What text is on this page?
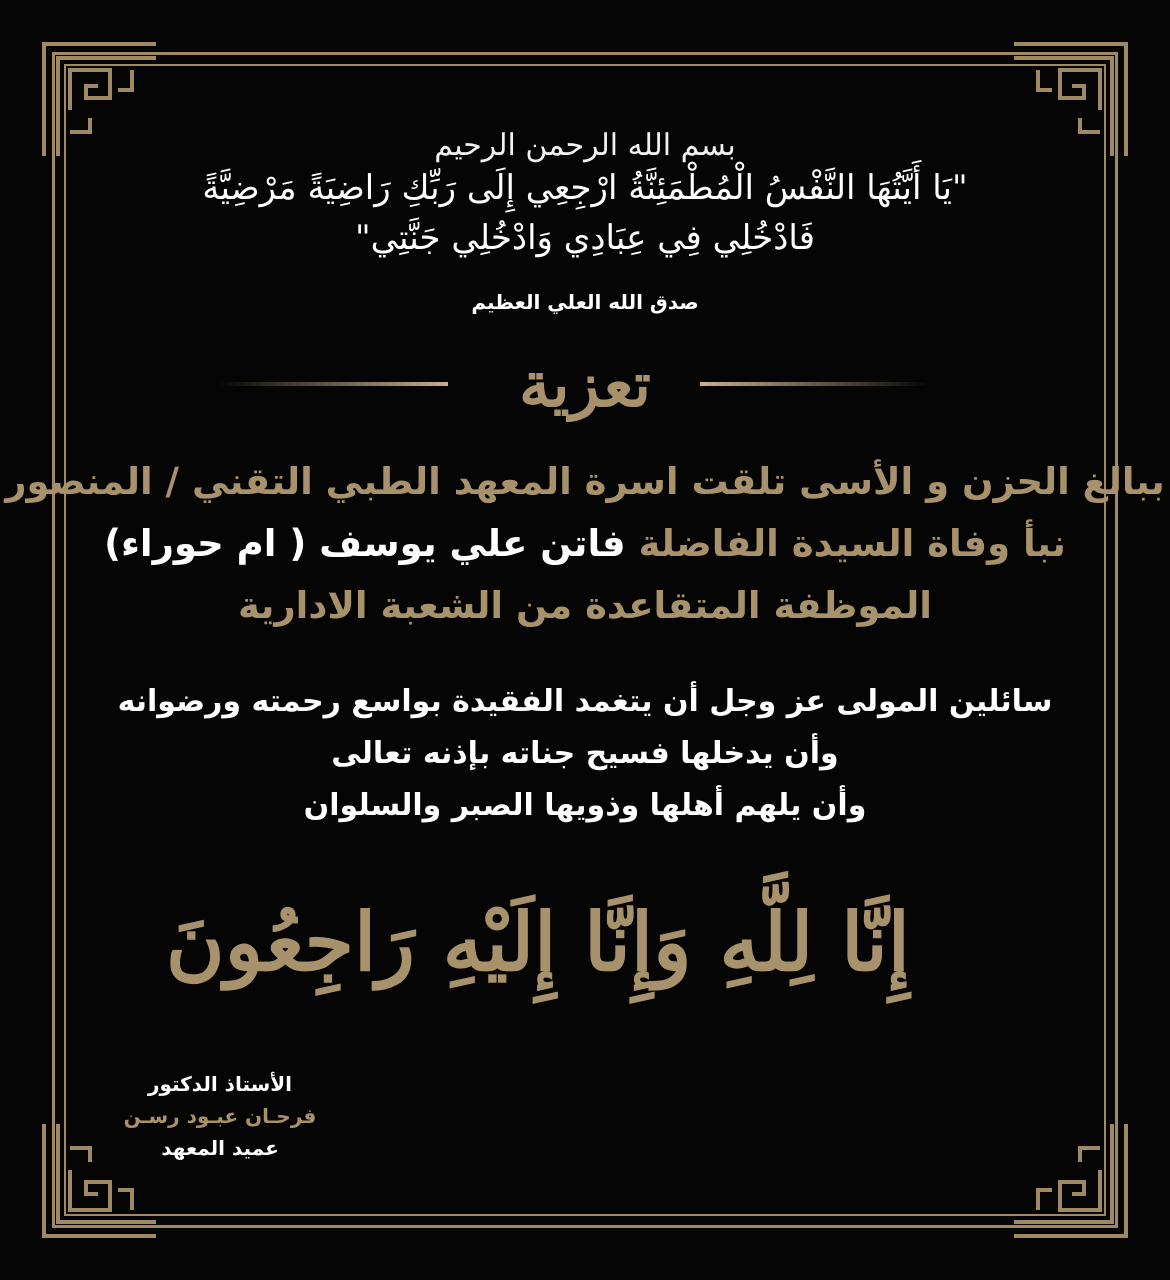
بسم الله الرحمن الرحيم
"يَا أَيَّتُهَا النَّفْسُ الْمُطْمَئِنَّةُ ارْجِعِي إِلَى رَبِّكِ رَاضِيَةً مَرْضِيَّةً
فَادْخُلِي فِي عِبَادِي وَادْخُلِي جَنَّتِي"
صدق الله العلي العظيم
تعزية
ببالغ الحزن و الأسى تلقت اسرة المعهد الطبي التقني / المنصور
نبأ وفاة السيدة الفاضلة فاتن علي يوسف ( ام حوراء)
الموظفة المتقاعدة من الشعبة الادارية
سائلين المولى عز وجل أن يتغمد الفقيدة بواسع رحمته ورضوانه
وأن يدخلها فسيح جناته بإذنه تعالى
وأن يلهم أهلها وذويها الصبر والسلوان
إِنَّا لِلَّهِ وَإِنَّا إِلَيْهِ رَاجِعُونَ
الأستاذ الدكتور
فرحـان عبـود رسـن
عميد المعهد
